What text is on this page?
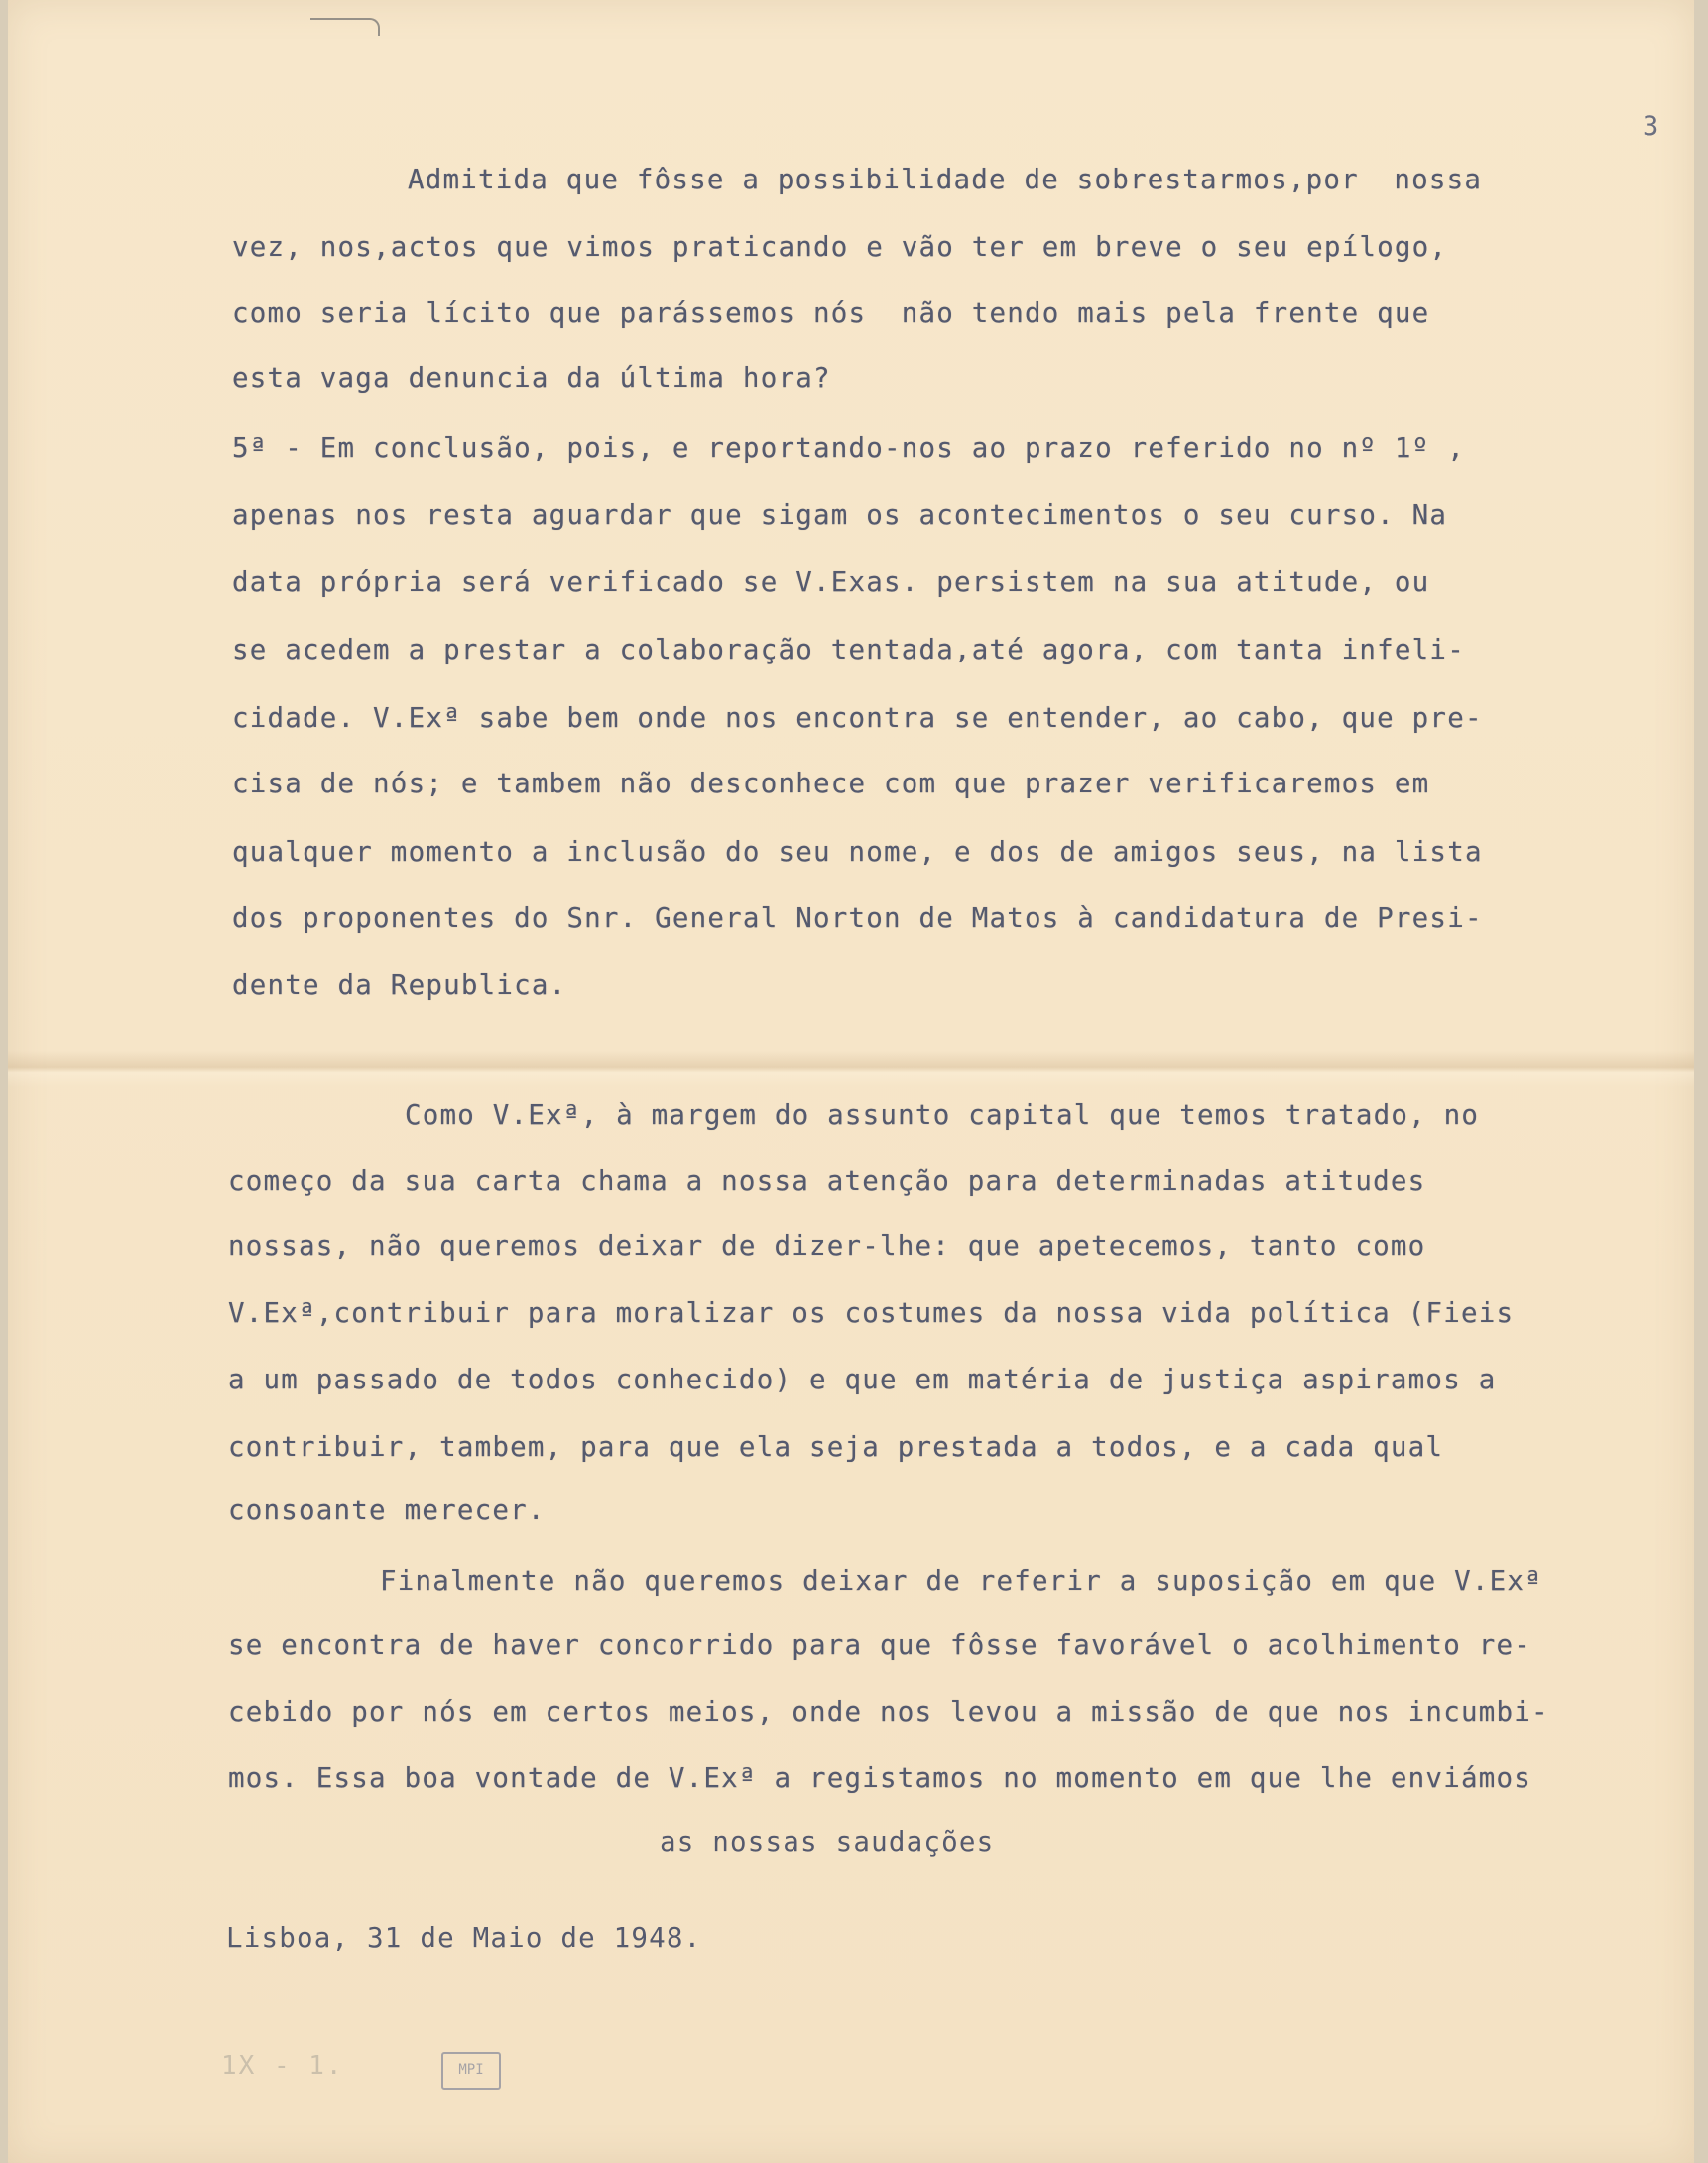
3
Admitida que fôsse a possibilidade de sobrestarmos,por  nossa
vez, nos,actos que vimos praticando e vão ter em breve o seu epílogo,
como seria lícito que parássemos nós  não tendo mais pela frente que
esta vaga denuncia da última hora?
5ª - Em conclusão, pois, e reportando-nos ao prazo referido no nº 1º ,
apenas nos resta aguardar que sigam os acontecimentos o seu curso. Na
data própria será verificado se V.Exas. persistem na sua atitude, ou
se acedem a prestar a colaboração tentada,até agora, com tanta infeli-
cidade. V.Exª sabe bem onde nos encontra se entender, ao cabo, que pre-
cisa de nós; e tambem não desconhece com que prazer verificaremos em
qualquer momento a inclusão do seu nome, e dos de amigos seus, na lista
dos proponentes do Snr. General Norton de Matos à candidatura de Presi-
dente da Republica.
Como V.Exª, à margem do assunto capital que temos tratado, no
começo da sua carta chama a nossa atenção para determinadas atitudes
nossas, não queremos deixar de dizer-lhe: que apetecemos, tanto como
V.Exª,contribuir para moralizar os costumes da nossa vida política (Fieis
a um passado de todos conhecido) e que em matéria de justiça aspiramos a
contribuir, tambem, para que ela seja prestada a todos, e a cada qual
consoante merecer.
Finalmente não queremos deixar de referir a suposição em que V.Exª
se encontra de haver concorrido para que fôsse favorável o acolhimento re-
cebido por nós em certos meios, onde nos levou a missão de que nos incumbi-
mos. Essa boa vontade de V.Exª a registamos no momento em que lhe enviámos
as nossas saudações
Lisboa, 31 de Maio de 1948.
1X - 1.	MPI
